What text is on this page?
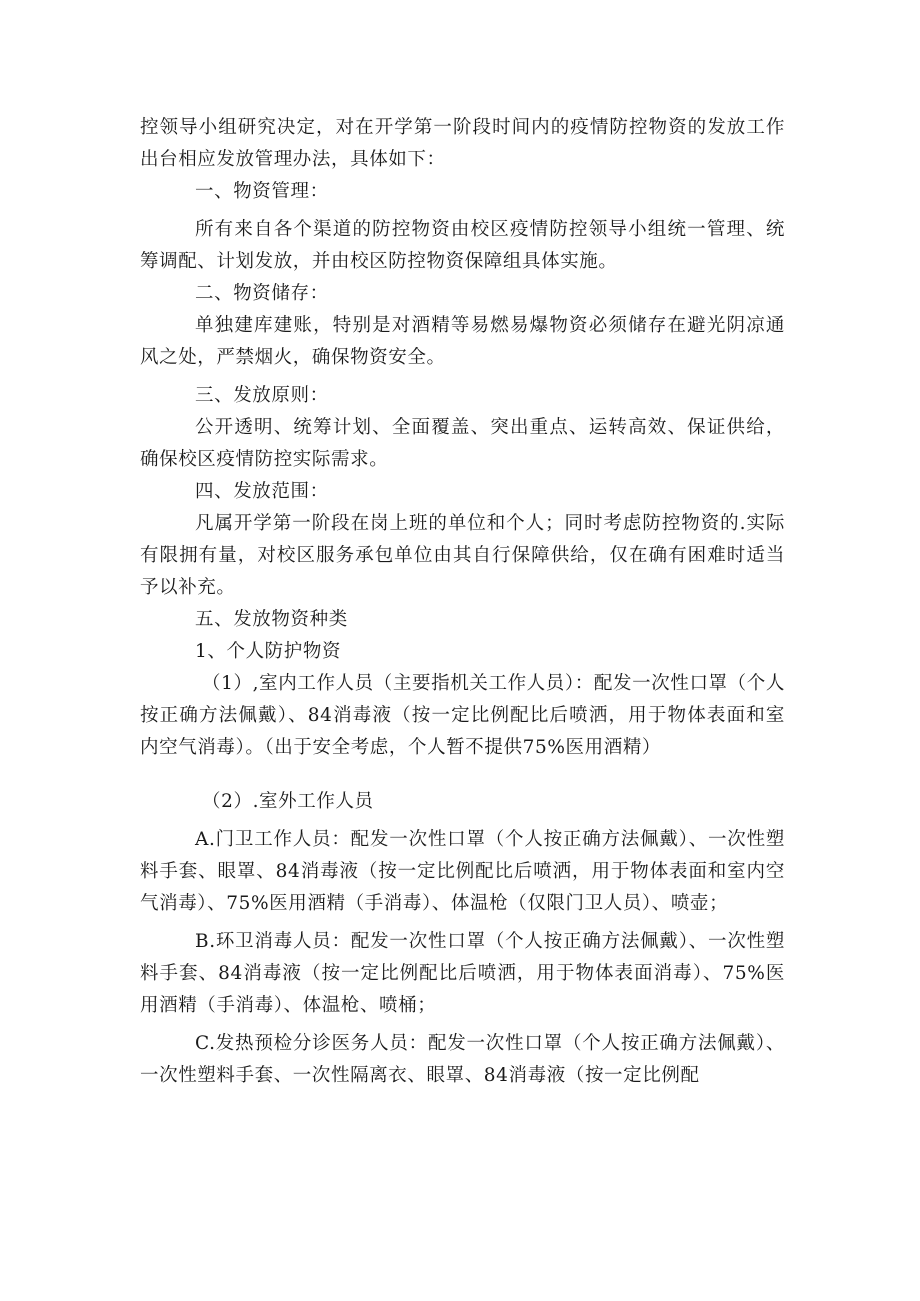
控领导小组研究决定，对在开学第一阶段时间内的疫情防控物资的发放工作出台相应发放管理办法，具体如下：

一、物资管理：

所有来自各个渠道的防控物资由校区疫情防控领导小组统一管理、统筹调配、计划发放，并由校区防控物资保障组具体实施。

二、物资储存：

单独建库建账，特别是对酒精等易燃易爆物资必须储存在避光阴凉通风之处，严禁烟火，确保物资安全。

三、发放原则：

公开透明、统筹计划、全面覆盖、突出重点、运转高效、保证供给，确保校区疫情防控实际需求。

四、发放范围：

凡属开学第一阶段在岗上班的单位和个人；同时考虑防控物资的.实际有限拥有量，对校区服务承包单位由其自行保障供给，仅在确有困难时适当予以补充。

五、发放物资种类

1、个人防护物资

（1）,室内工作人员（主要指机关工作人员）：配发一次性口罩（个人按正确方法佩戴）、84消毒液（按一定比例配比后喷洒，用于物体表面和室内空气消毒）。（出于安全考虑，个人暂不提供75%医用酒精）

（2）.室外工作人员

A.门卫工作人员：配发一次性口罩（个人按正确方法佩戴）、一次性塑料手套、眼罩、84消毒液（按一定比例配比后喷洒，用于物体表面和室内空气消毒）、75%医用酒精（手消毒）、体温枪（仅限门卫人员）、喷壶；

B.环卫消毒人员：配发一次性口罩（个人按正确方法佩戴）、一次性塑料手套、84消毒液（按一定比例配比后喷洒，用于物体表面消毒）、75%医用酒精（手消毒）、体温枪、喷桶；

C.发热预检分诊医务人员：配发一次性口罩（个人按正确方法佩戴）、一次性塑料手套、一次性隔离衣、眼罩、84消毒液（按一定比例配
